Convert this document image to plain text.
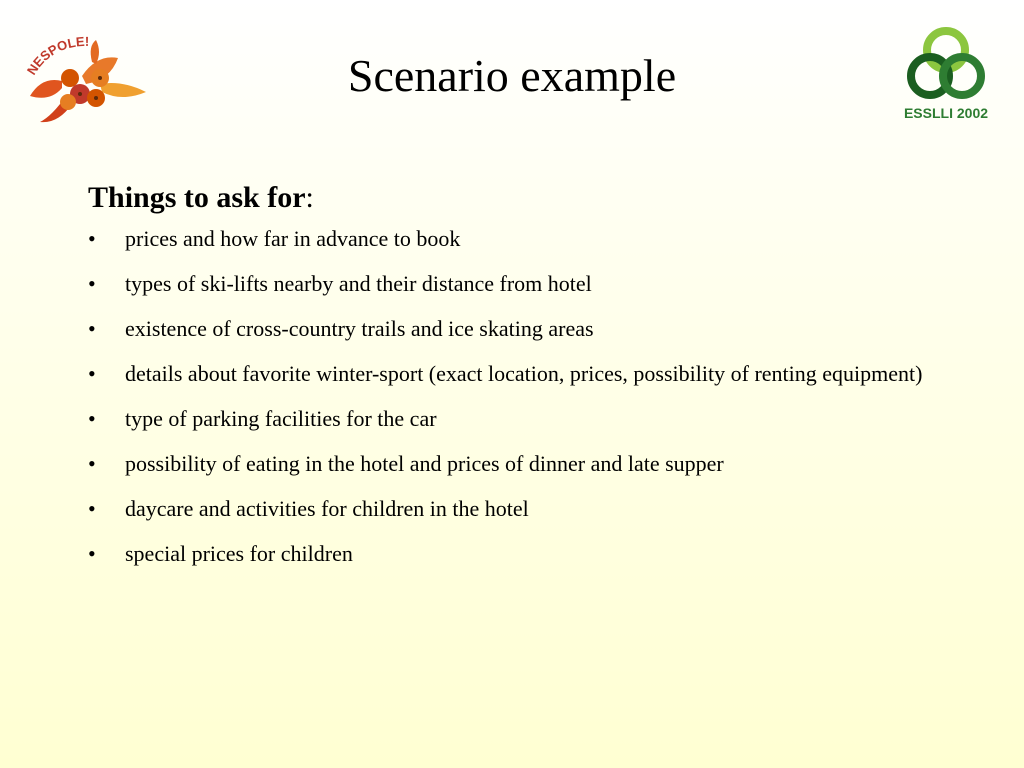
NESPOLE!
Scenario example
ESSLLI 2002
Things to ask for:
• prices and how far in advance to book
• types of ski-lifts nearby and their distance from hotel
• existence of cross-country trails and ice skating areas
• details about favorite winter-sport (exact location, prices, possibility of renting equipment)
• type of parking facilities for the car
• possibility of eating in the hotel and prices of dinner and late supper
• daycare and activities for children in the hotel
• special prices for children
